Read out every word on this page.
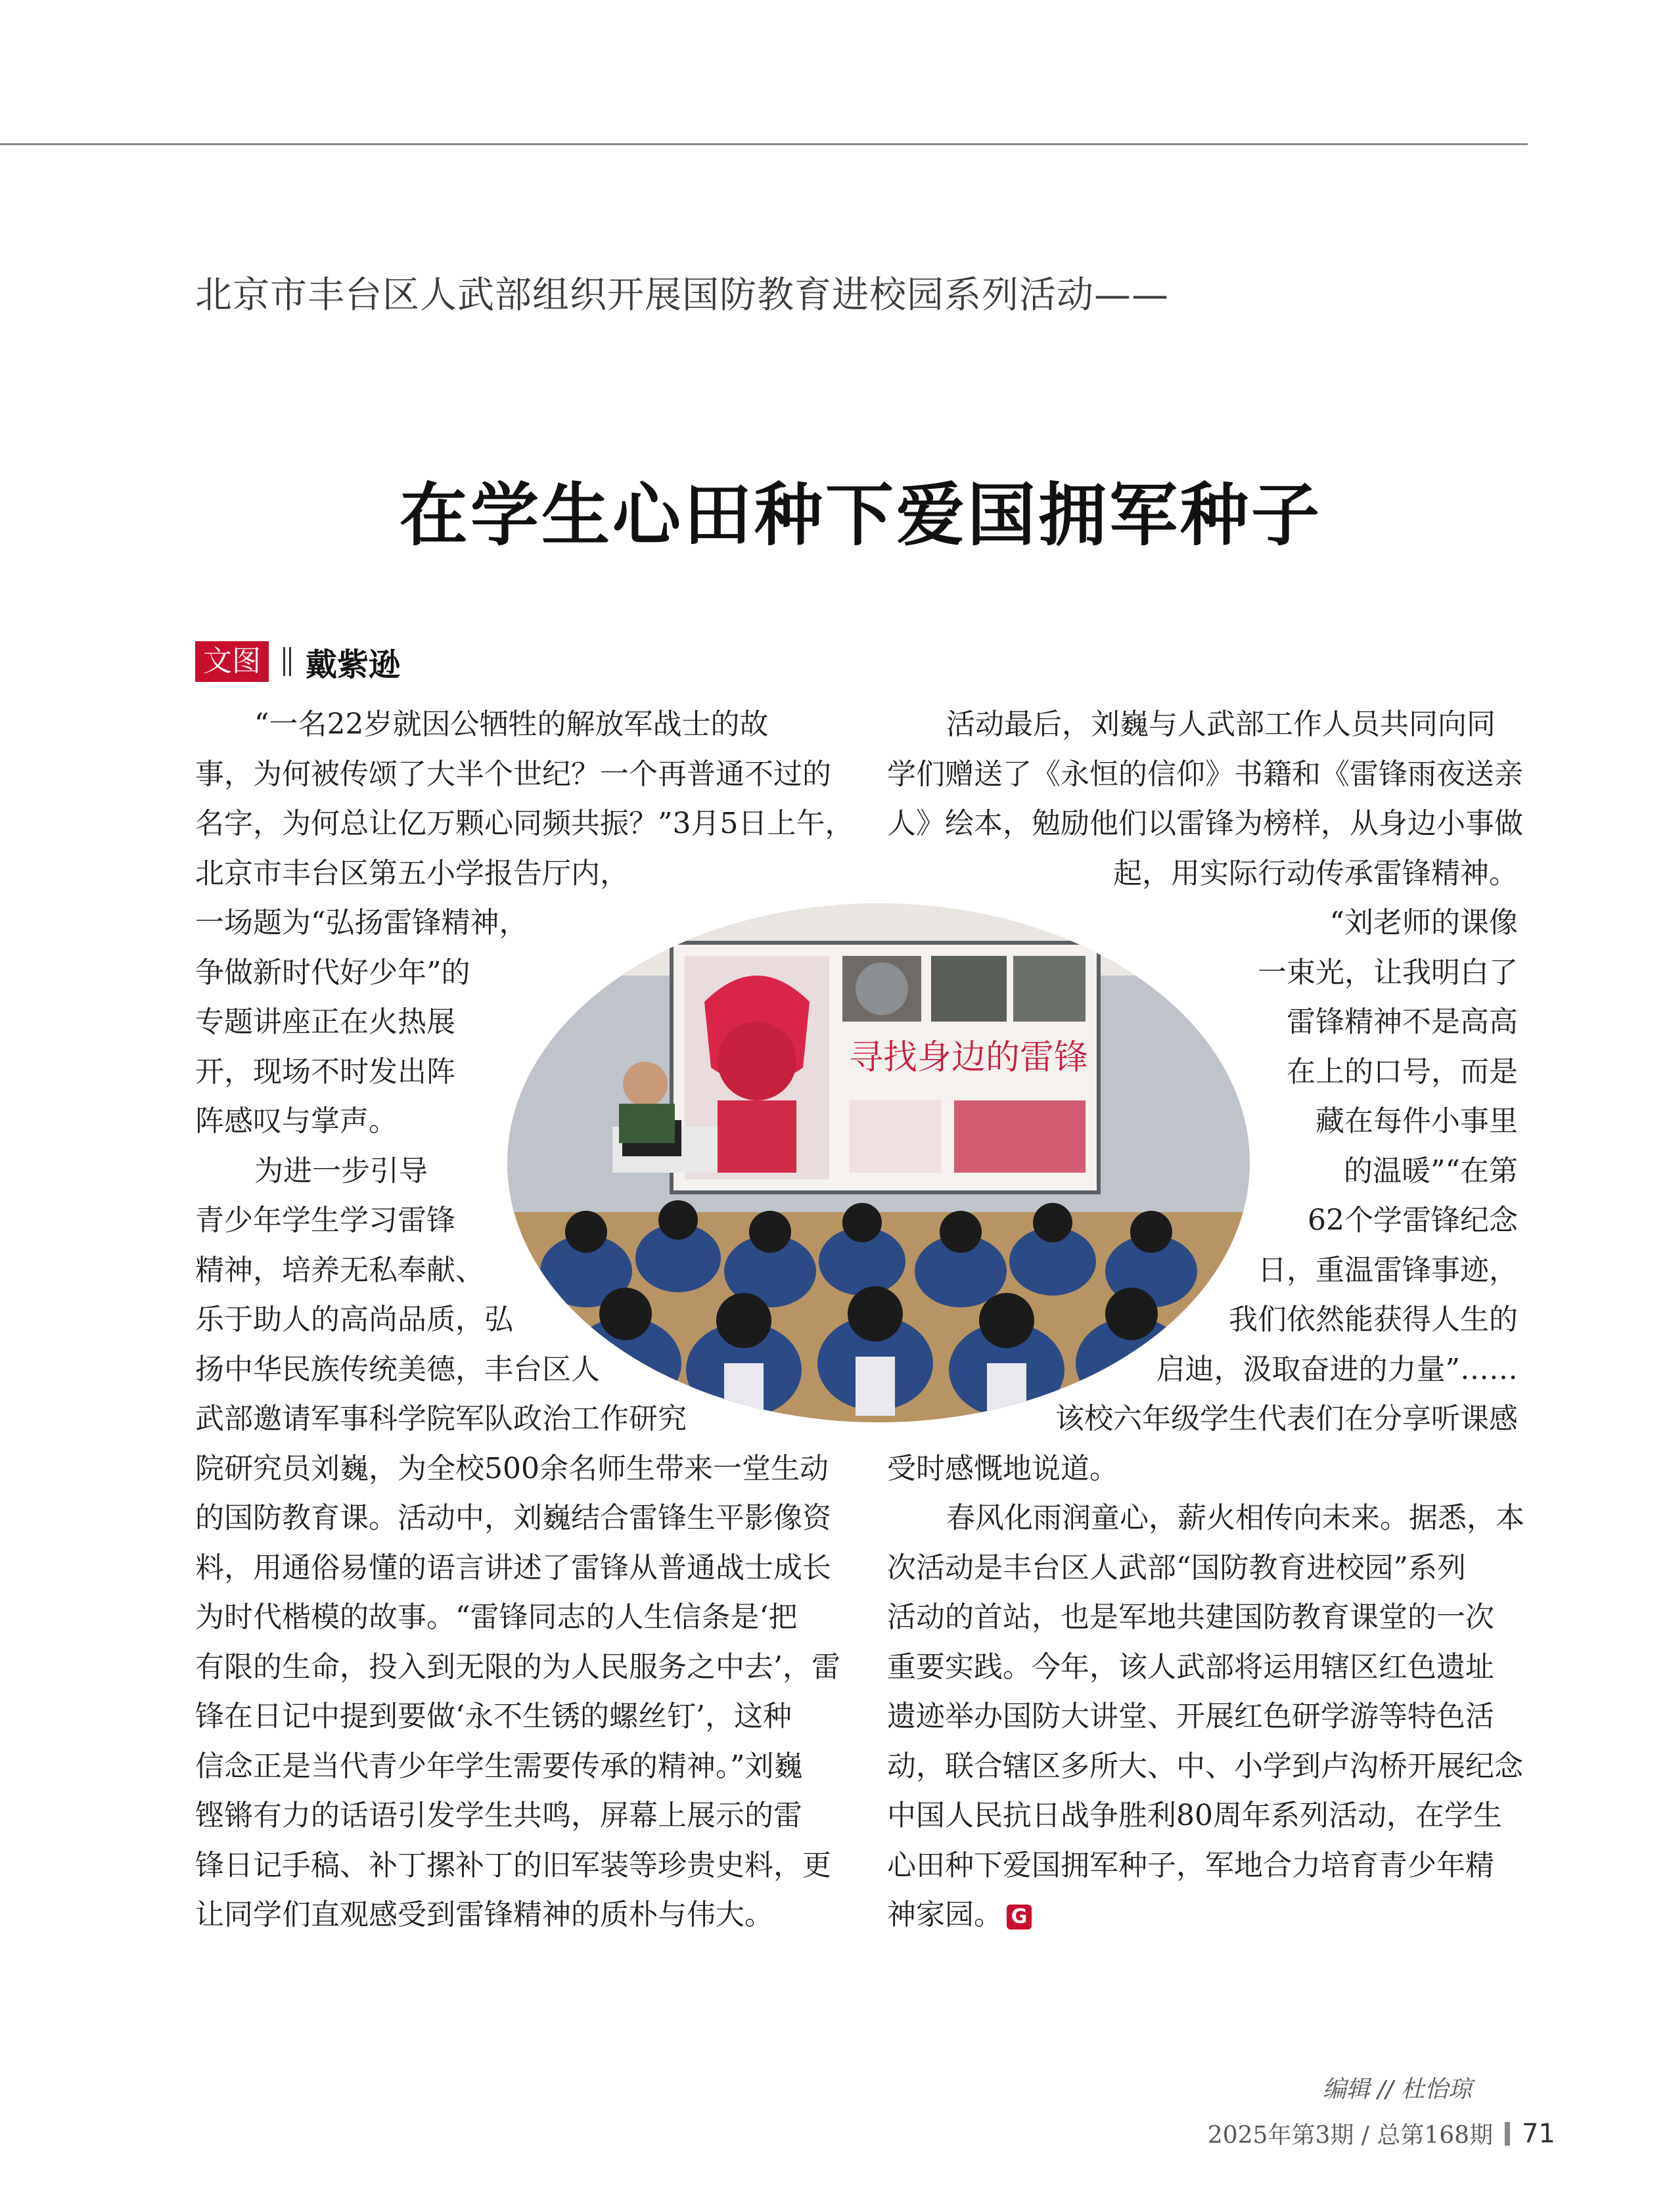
北京市丰台区人武部组织开展国防教育进校园系列活动——
在学生心田种下爱国拥军种子
文图 戴紫逊
“一名22岁就因公牺牲的解放军战士的故
事，为何被传颂了大半个世纪？一个再普通不过的
名字，为何总让亿万颗心同频共振？”3月5日上午，
北京市丰台区第五小学报告厅内，
一场题为“弘扬雷锋精神，
争做新时代好少年”的
专题讲座正在火热展
开，现场不时发出阵
阵感叹与掌声。
为进一步引导
青少年学生学习雷锋
精神，培养无私奉献、
乐于助人的高尚品质，弘
扬中华民族传统美德，丰台区人
武部邀请军事科学院军队政治工作研究
院研究员刘巍，为全校500余名师生带来一堂生动
的国防教育课。活动中，刘巍结合雷锋生平影像资
料，用通俗易懂的语言讲述了雷锋从普通战士成长
为时代楷模的故事。“雷锋同志的人生信条是‘把
有限的生命，投入到无限的为人民服务之中去’，雷
锋在日记中提到要做‘永不生锈的螺丝钉’，这种
信念正是当代青少年学生需要传承的精神。”刘巍
铿锵有力的话语引发学生共鸣，屏幕上展示的雷
锋日记手稿、补丁摞补丁的旧军装等珍贵史料，更
让同学们直观感受到雷锋精神的质朴与伟大。
活动最后，刘巍与人武部工作人员共同向同
学们赠送了《永恒的信仰》书籍和《雷锋雨夜送亲
人》绘本，勉励他们以雷锋为榜样，从身边小事做
起，用实际行动传承雷锋精神。
“刘老师的课像
一束光，让我明白了
雷锋精神不是高高
在上的口号，而是
藏在每件小事里
的温暖”“在第
62个学雷锋纪念
日，重温雷锋事迹，
我们依然能获得人生的
启迪，汲取奋进的力量”……
该校六年级学生代表们在分享听课感
受时感慨地说道。
春风化雨润童心，薪火相传向未来。据悉，本
次活动是丰台区人武部“国防教育进校园”系列
活动的首站，也是军地共建国防教育课堂的一次
重要实践。今年，该人武部将运用辖区红色遗址
遗迹举办国防大讲堂、开展红色研学游等特色活
动，联合辖区多所大、中、小学到卢沟桥开展纪念
中国人民抗日战争胜利80周年系列活动，在学生
心田种下爱国拥军种子，军地合力培育青少年精
神家园。 G
寻找身边的雷锋
编辑 // 杜怡琼
2025年第3期 / 总第168期 71
